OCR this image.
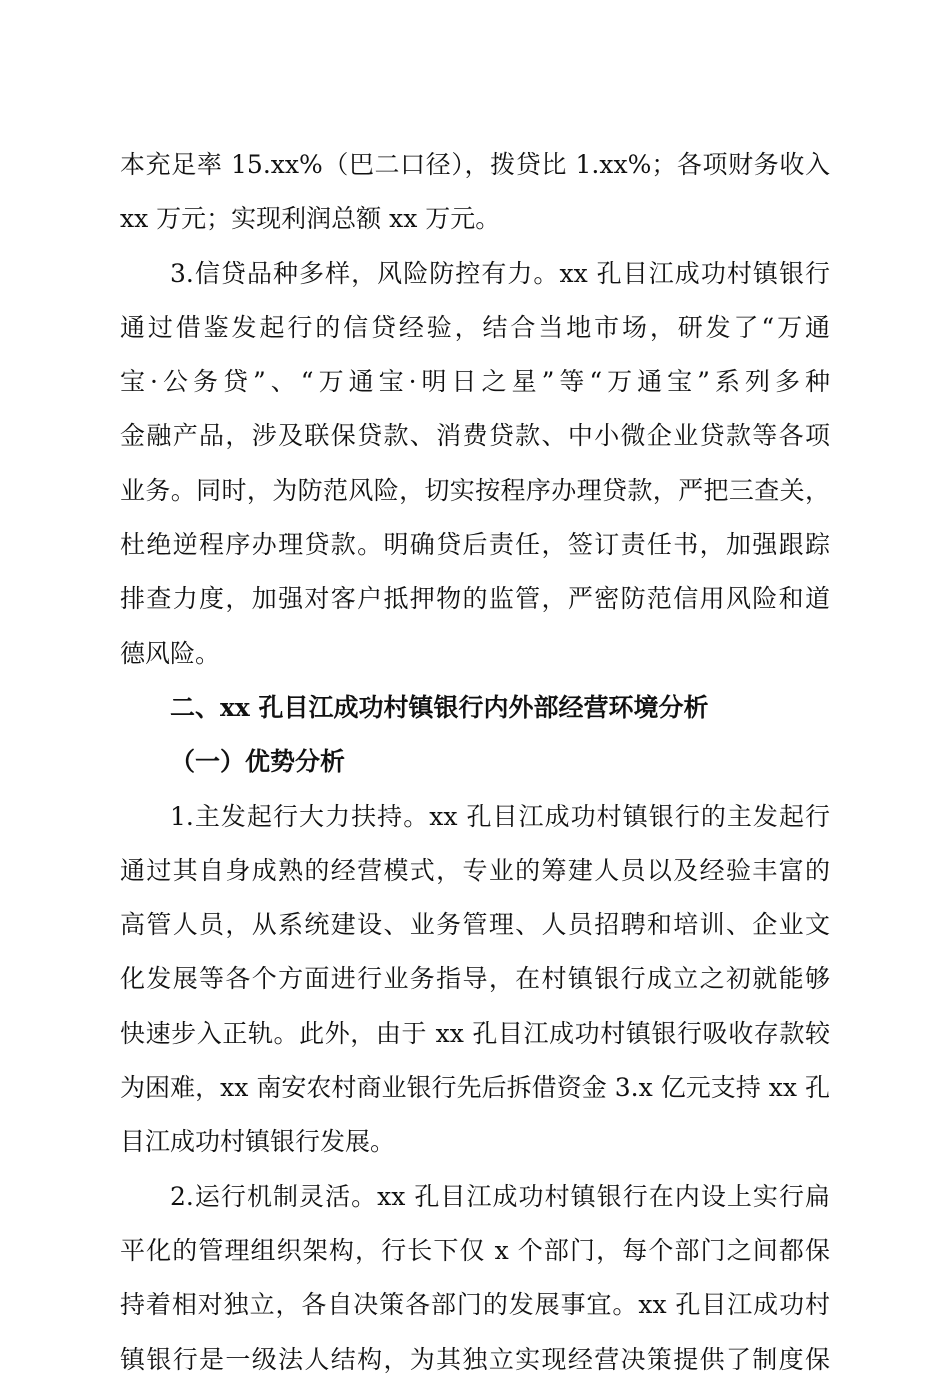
本充足率 15.xx%（巴二口径），拨贷比 1.xx%；各项财务收入
xx 万元；实现利润总额 xx 万元。
3.信贷品种多样，风险防控有力。xx 孔目江成功村镇银行
通过借鉴发起行的信贷经验，结合当地市场，研发了“万通
宝·公务贷”、“万通宝·明日之星”等“万通宝”系列多种
金融产品，涉及联保贷款、消费贷款、中小微企业贷款等各项
业务。同时，为防范风险，切实按程序办理贷款，严把三查关，
杜绝逆程序办理贷款。明确贷后责任，签订责任书，加强跟踪
排查力度，加强对客户抵押物的监管，严密防范信用风险和道
德风险。
二、xx 孔目江成功村镇银行内外部经营环境分析
（一）优势分析
1.主发起行大力扶持。xx 孔目江成功村镇银行的主发起行
通过其自身成熟的经营模式，专业的筹建人员以及经验丰富的
高管人员，从系统建设、业务管理、人员招聘和培训、企业文
化发展等各个方面进行业务指导，在村镇银行成立之初就能够
快速步入正轨。此外，由于 xx 孔目江成功村镇银行吸收存款较
为困难，xx 南安农村商业银行先后拆借资金 3.x 亿元支持 xx 孔
目江成功村镇银行发展。
2.运行机制灵活。xx 孔目江成功村镇银行在内设上实行扁
平化的管理组织架构，行长下仅 x 个部门，每个部门之间都保
持着相对独立，各自决策各部门的发展事宜。xx 孔目江成功村
镇银行是一级法人结构，为其独立实现经营决策提供了制度保
